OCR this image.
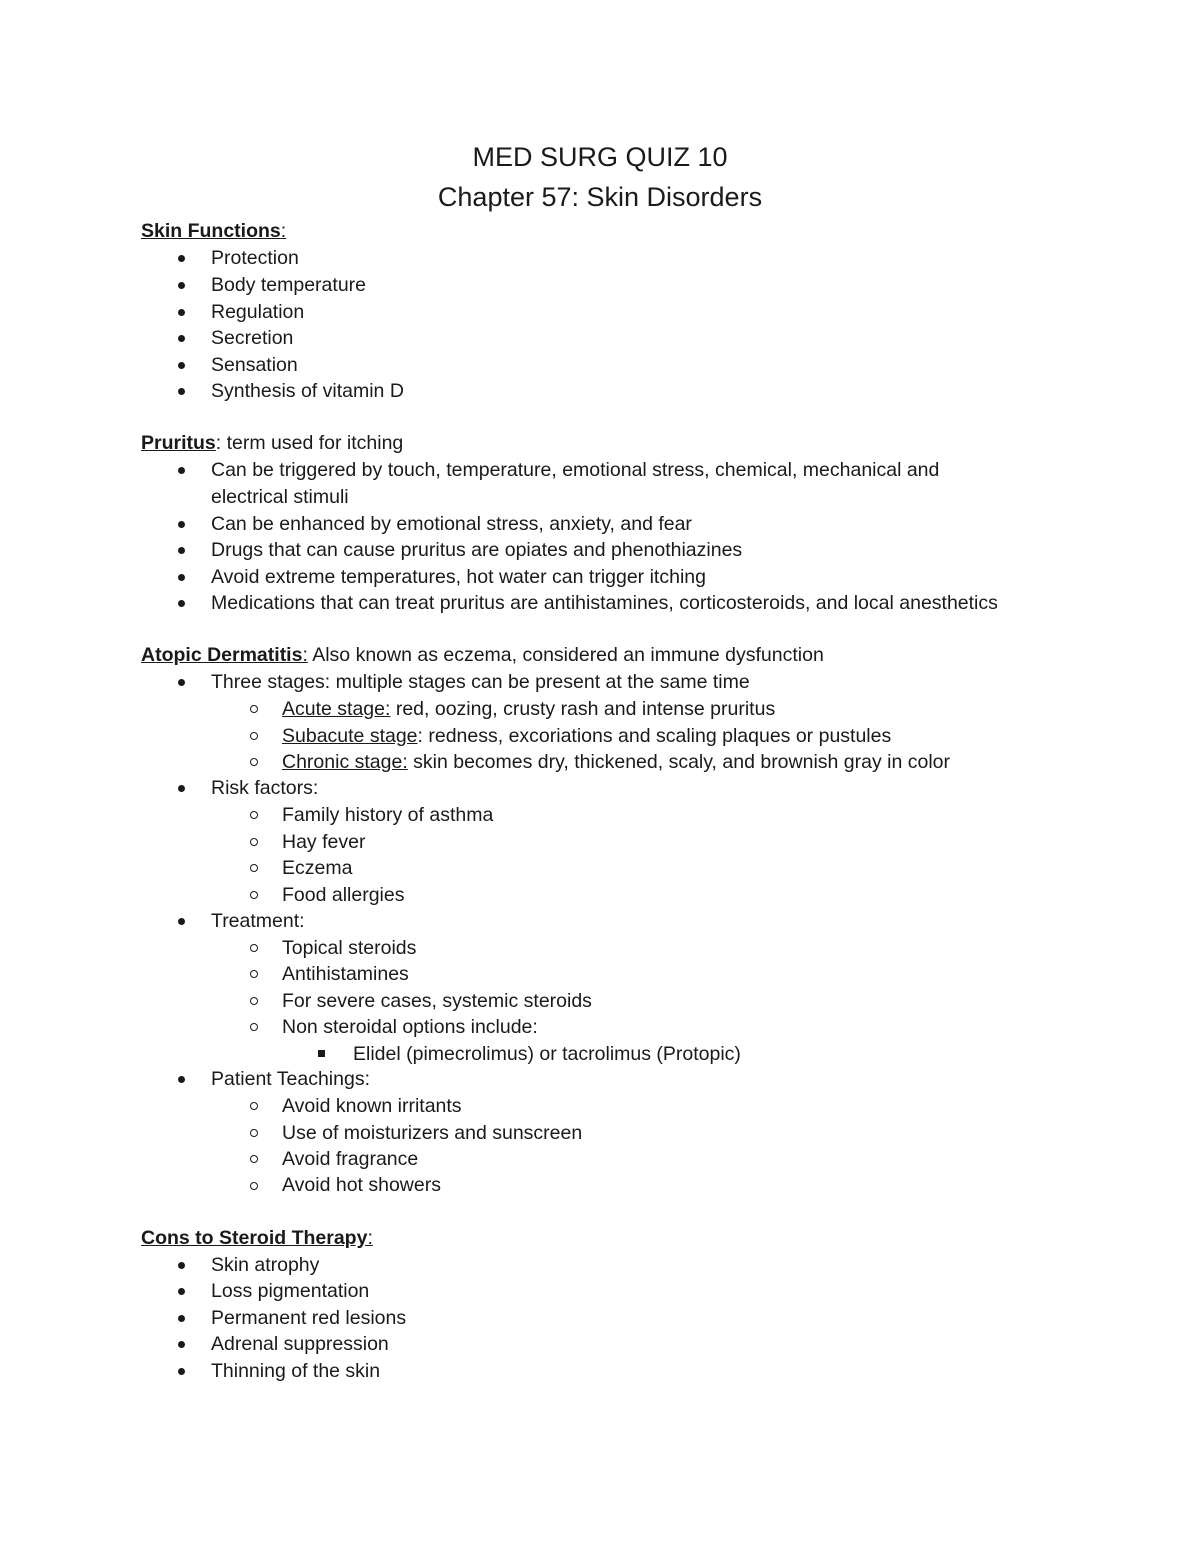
MED SURG QUIZ 10
Chapter 57: Skin Disorders
Skin Functions:
Protection
Body temperature
Regulation
Secretion
Sensation
Synthesis of vitamin D
Pruritus: term used for itching
Can be triggered by touch, temperature, emotional stress, chemical, mechanical and
electrical stimuli
Can be enhanced by emotional stress, anxiety, and fear
Drugs that can cause pruritus are opiates and phenothiazines
Avoid extreme temperatures, hot water can trigger itching
Medications that can treat pruritus are antihistamines, corticosteroids, and local anesthetics
Atopic Dermatitis: Also known as eczema, considered an immune dysfunction
Three stages: multiple stages can be present at the same time
Acute stage: red, oozing, crusty rash and intense pruritus
Subacute stage: redness, excoriations and scaling plaques or pustules
Chronic stage: skin becomes dry, thickened, scaly, and brownish gray in color
Risk factors:
Family history of asthma
Hay fever
Eczema
Food allergies
Treatment:
Topical steroids
Antihistamines
For severe cases, systemic steroids
Non steroidal options include:
Elidel (pimecrolimus) or tacrolimus (Protopic)
Patient Teachings:
Avoid known irritants
Use of moisturizers and sunscreen
Avoid fragrance
Avoid hot showers
Cons to Steroid Therapy:
Skin atrophy
Loss pigmentation
Permanent red lesions
Adrenal suppression
Thinning of the skin
